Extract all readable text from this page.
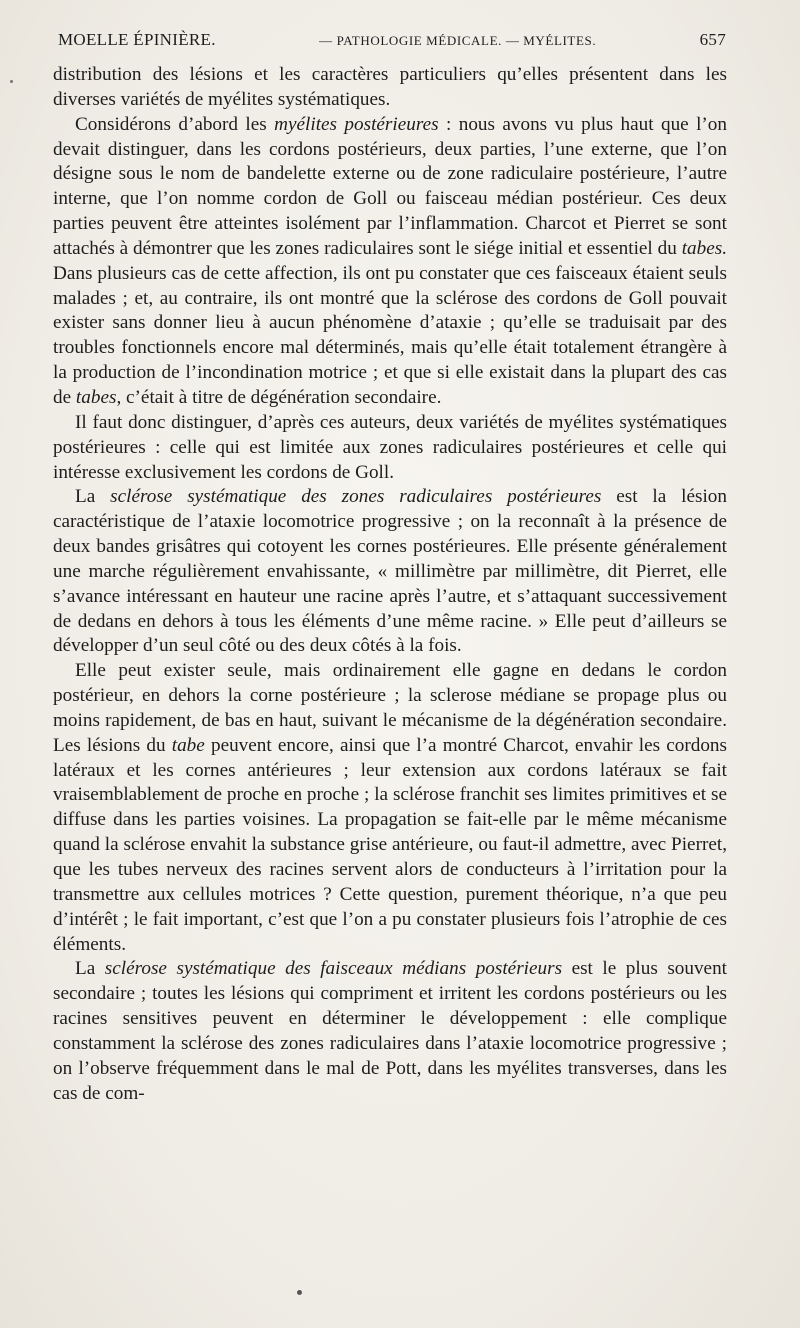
MOELLE ÉPINIÈRE.	— PATHOLOGIE MÉDICALE. — MYÉLITES.	657

distribution des lésions et les caractères particuliers qu’elles présentent dans les diverses variétés de myélites systématiques.

Considérons d’abord les myélites postérieures : nous avons vu plus haut que l’on devait distinguer, dans les cordons postérieurs, deux parties, l’une externe, que l’on désigne sous le nom de bandelette externe ou de zone radiculaire postérieure, l’autre interne, que l’on nomme cordon de Goll ou faisceau médian postérieur. Ces deux parties peuvent être atteintes isolément par l’inflammation. Charcot et Pierret se sont attachés à démontrer que les zones radiculaires sont le siége initial et essentiel du tabes. Dans plusieurs cas de cette affection, ils ont pu constater que ces faisceaux étaient seuls malades ; et, au contraire, ils ont montré que la sclérose des cordons de Goll pouvait exister sans donner lieu à aucun phénomène d’ataxie ; qu’elle se traduisait par des troubles fonctionnels encore mal déterminés, mais qu’elle était totalement étrangère à la production de l’incondination motrice ; et que si elle existait dans la plupart des cas de tabes, c’était à titre de dégénération secondaire.

Il faut donc distinguer, d’après ces auteurs, deux variétés de myélites systématiques postérieures : celle qui est limitée aux zones radiculaires postérieures et celle qui intéresse exclusivement les cordons de Goll.

La sclérose systématique des zones radiculaires postérieures est la lésion caractéristique de l’ataxie locomotrice progressive ; on la reconnaît à la présence de deux bandes grisâtres qui cotoyent les cornes postérieures. Elle présente généralement une marche régulièrement envahissante, « millimètre par millimètre, dit Pierret, elle s’avance intéressant en hauteur une racine après l’autre, et s’attaquant successivement de dedans en dehors à tous les éléments d’une même racine. » Elle peut d’ailleurs se développer d’un seul côté ou des deux côtés à la fois.

Elle peut exister seule, mais ordinairement elle gagne en dedans le cordon postérieur, en dehors la corne postérieure ; la sclerose médiane se propage plus ou moins rapidement, de bas en haut, suivant le mécanisme de la dégénération secondaire. Les lésions du tabe peuvent encore, ainsi que l’a montré Charcot, envahir les cordons latéraux et les cornes antérieures ; leur extension aux cordons latéraux se fait vraisemblablement de proche en proche ; la sclérose franchit ses limites primitives et se diffuse dans les parties voisines. La propagation se fait-elle par le même mécanisme quand la sclérose envahit la substance grise antérieure, ou faut-il admettre, avec Pierret, que les tubes nerveux des racines servent alors de conducteurs à l’irritation pour la transmettre aux cellules motrices ? Cette question, purement théorique, n’a que peu d’intérêt ; le fait important, c’est que l’on a pu constater plusieurs fois l’atrophie de ces éléments.

La sclérose systématique des faisceaux médians postérieurs est le plus souvent secondaire ; toutes les lésions qui compriment et irritent les cordons postérieurs ou les racines sensitives peuvent en déterminer le développement : elle complique constamment la sclérose des zones radiculaires dans l’ataxie locomotrice progressive ; on l’observe fréquemment dans le mal de Pott, dans les myélites transverses, dans les cas de com-
